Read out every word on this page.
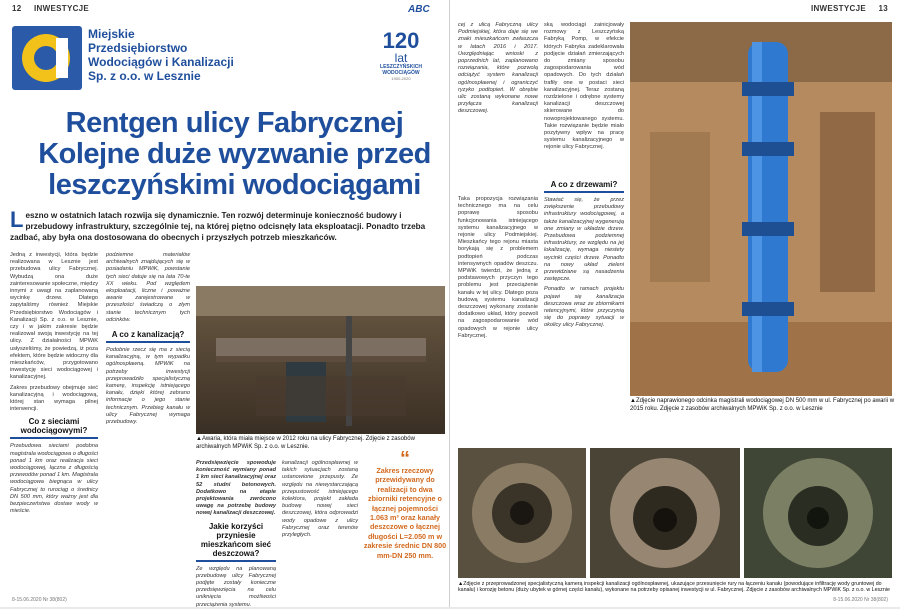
12 INWESTYCJE
Miejskie
Przedsiębiorstwo
Wodociągów i Kanalizacji
Sp. z o.o. w Lesznie
120
lat
LESZCZYŃSKICH WODOCIĄGÓW
1900-2020
Rentgen ulicy Fabrycznej Kolejne duże wyzwanie przed leszczyńskimi wodociągami
L eszno w ostatnich latach rozwija się dynamicznie. Ten rozwój determinuje konieczność budowy i przebudowy infrastruktury, szczególnie tej, na której piętno odcisnęły lata eksploatacji. Ponadto trzeba zadbać, aby była ona dostosowana do obecnych i przyszłych potrzeb mieszkańców.

Jedną z inwestycji, która będzie realizowana w Lesznie jest przebudowa ulicy Fabrycznej. Wybudzą ona duże zainteresowanie społeczne, między innymi z uwagi na zaplanowaną wycinkę drzew. Dlatego zapytaliśmy również Miejskie Przedsiębiorstwo Wodociągów i Kanalizacji Sp. z o.o. w Lesznie, czy i w jakim zakresie będzie realizował swoją inwestycję na tej ulicy. Z działalności MPWiK usłyszeliśmy, że powiedzą, iż poza efektem, które będzie widoczny dla mieszkańców, przygotowano inwestycję sieci wodociągowej i kanalizacyjnej.

Zakres przebudowy obejmuje sieć kanalizacyjną i wodociągową, której stan wymaga pilnej interwencji.

Co z sieciami wodociągowymi?

Przebudowa sieciami podobna magistrala wodociągowa o długości ponad 1 km oraz realizacja sieci wodociągowej, łączna z długością przewodów ponad 1 km. Magistrala wodociągowa biegnąca w ulicy Fabrycznej to rurociąg o średnicy DN 500 mm, który ważny jest dla bezpieczeństwa dostaw wody w mieście.

podziemne materiałów archiwalnych znajdujących się w posiadaniu MPWiK, powstanie tych sieci datuje się na lata 70-te XX wieku. Pod względem eksploatacji, liczne i poważne awarie zarejestrowane w przeszłości świadczą o złym stanie technicznym tych odcinków.

▲Awaria, która miała miejsce w 2012 roku na ulicy Fabrycznej. Zdjęcie z zasobów archiwalnych MPWiK Sp. z o.o. w Lesznie.
A co z kanalizacją?

Podobnie rzecz się ma z siecią kanalizacyjną, w tym wypadku ogólnospławną. MPWiK na potrzeby inwestycji przeprowadziło specjalistyczną kamerę, inspekcję istniejącego kanału, dzięki której zebrano informacje o jego stanie technicznym. Przebieg kanału w ulicy Fabrycznej wymaga przebudowy.

Przedsięwzięcie spowoduje konieczność wymiany ponad 1 km sieci kanalizacyjnej oraz 52 studni betonowych. Dodatkowo na etapie projektowania zwrócono uwagę na potrzebę budowy nowej kanalizacji deszczowej.

Jakie korzyści przyniesie mieszkańcom sieć deszczowa?

Ze względu na planowaną przebudowę ulicy Fabrycznej podjęte zostały konieczne przedsięwzięcia na celu uniknięcia możliwości przeciążenia systemu.

kanalizacji ogólnospławnej w takich sytuacjach zostaną ustanowione przepusty. Ze względu na niewystarczającą przepustowość istniejącego kolektora, projekt zakłada budowę nowej sieci deszczowej, która odprowadzi wody opadowe z ulicy Fabrycznej oraz terenów przyległych.

“
Zakres rzeczowy przewidywany do realizacji to dwa zbiorniki retencyjne o łącznej pojemności 1.063 m³ oraz kanały deszczowe o łącznej długości L=2.050 m w zakresie średnic DN 800 mm-DN 250 mm.
8-15.06.2020 Nr 38(802)
ABC	INWESTYCJE 13

cej z ulicą Fabryczną ulicy Podmiejskiej, która daje się we znaki mieszkańcom zwłaszcza w latach 2016 i 2017. Uwzględniając wnioski z poprzednich lat, zaplanowano rozwiązania, które pozwolą odciążyć system kanalizacji ogólnospławnej i ograniczyć ryzyko podtopień. W obrębie ulic zostaną wykonane nowe przyłącza kanalizacji deszczowej.

Taka propozycja rozwiązania technicznego ma na celu poprawę sposobu funkcjonowania istniejącego systemu kanalizacyjnego w rejonie ulicy Podmiejskiej. Mieszkańcy tego rejonu miasta borykają się z problemem podtopień podczas intensywnych opadów deszczu. MPWiK twierdzi, że jedną z podstawowych przyczyn tego problemu jest przeciążenie kanału w tej ulicy. Dlatego poza budową systemu kanalizacji deszczowej wykonany zostanie dodatkowo układ, który pozwoli na zagospodarowanie wód opadowych w rejonie ulicy Fabrycznej.

ską wodociągi zainicjowały rozmowy z Leszczyńską Fabryką Pomp, w efekcie których Fabryka zadeklarowała podjęcie działań zmierzających do zmiany sposobu zagospodarowania wód opadowych. Do tych działań trafiły one w postaci sieci kanalizacyjnej. Teraz zostaną rozdzielone i odrębne systemy kanalizacji deszczowej skierowane do nowoprojektowanego systemu. Takie rozwiązanie będzie miało pozytywny wpływ na pracę systemu kanalizacyjnego w rejonie ulicy Fabrycznej.

A co z drzewami?

Stawiać się, że przez zwiększenie przebudowy infrastruktury wodociągowej, a także kanalizacyjnej wygenerują one zmiany w układzie drzew. Przebudowa podziemnej infrastruktury, ze względu na jej lokalizację, wymaga niestety wycinki części drzew. Ponadto na nowy układ zieleni przewidziane są nasadzenia zastępcze.

Ponadto w ramach projektu pojawi się kanalizacja deszczowa wraz ze zbiornikami retencyjnymi, które przyczynią się do poprawy sytuacji w okolicy ulicy Fabrycznej.

▲Zdjęcie naprawionego odcinka magistrali wodociągowej DN 500 mm w ul. Fabrycznej po awarii w 2015 roku. Zdjęcie z zasobów archiwalnych MPWiK Sp. z o.o. w Lesznie
▲Zdjęcie z przeprowadzonej specjalistyczną kamerą inspekcji kanalizacji ogólnospławnej, ukazujące przesunięcie rury na łączeniu kanału (powodujące infiltrację wody gruntowej do kanału) i korozję betonu (duży ubytek w górnej części kanału), wykonane na potrzeby opisanej inwestycji w ul. Fabrycznej. Zdjęcie z zasobów archiwalnych MPWiK Sp. z o.o. w Lesznie
8-15.06.2020 Nr 38(802)
